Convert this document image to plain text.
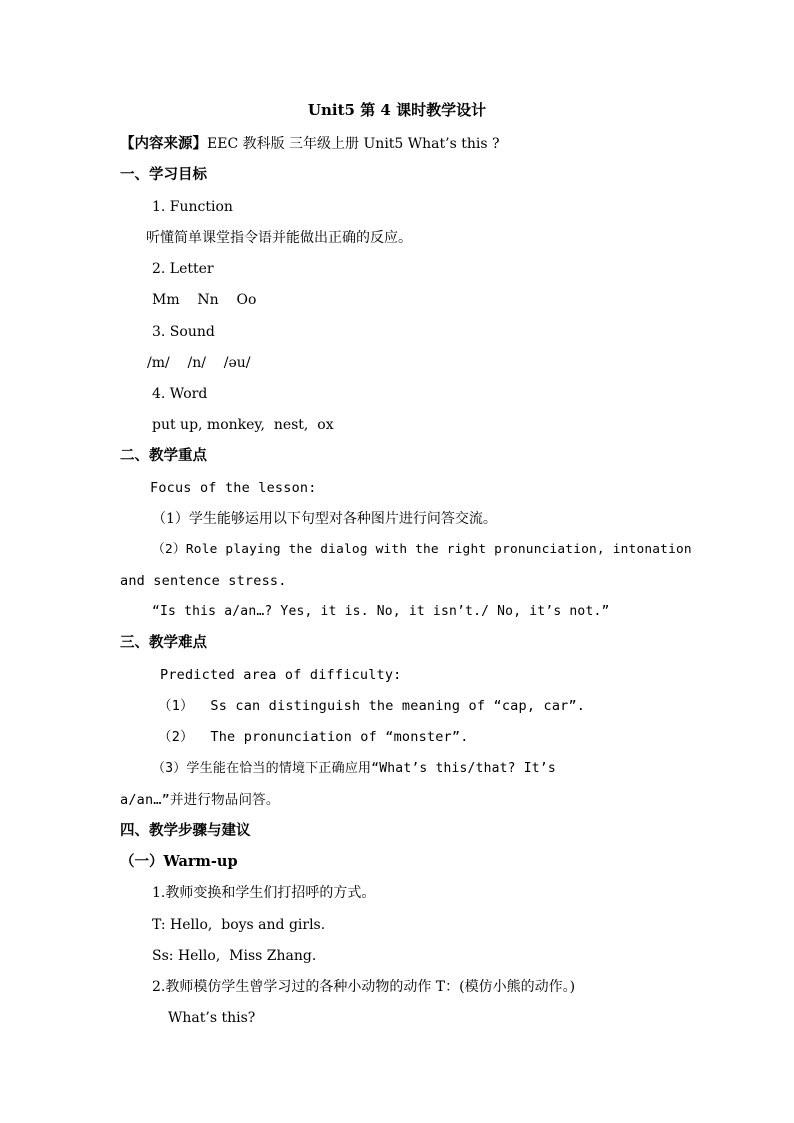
Unit5 第 4 课时教学设计
【内容来源】EEC 教科版 三年级上册 Unit5 What’s this ?
一、学习目标
1. Function
听懂简单课堂指令语并能做出正确的反应。
2. Letter
Mm    Nn    Oo
3. Sound
/m/    /n/    /əu/
4. Word
put up, monkey,  nest,  ox
二、教学重点
Focus of the lesson:
（1）学生能够运用以下句型对各种图片进行问答交流。
（2）Role playing the dialog with the right pronunciation, intonation
and sentence stress.
“Is this a/an…? Yes, it is. No, it isn’t./ No, it’s not.”
三、教学难点
Predicted area of difficulty:
（1）  Ss can distinguish the meaning of “cap, car”.
（2）  The pronunciation of “monster”.
（3）学生能在恰当的情境下正确应用“What’s this/that? It’s
a/an…”并进行物品问答。
四、教学步骤与建议
（一）Warm-up
1.教师变换和学生们打招呼的方式。
T: Hello,  boys and girls.
Ss: Hello,  Miss Zhang.
2.教师模仿学生曾学习过的各种小动物的动作 T：(模仿小熊的动作。)
What’s this?
